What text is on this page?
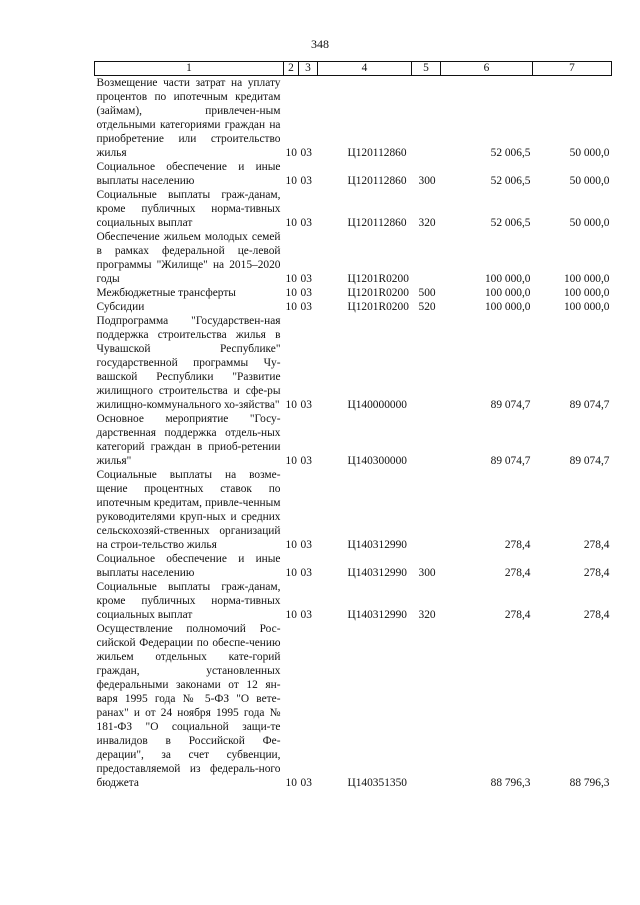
348
1	2	3	4	5	6	7
Возмещение части затрат на уплату процентов по ипотечным кредитам (займам), привлечен-ным отдельными категориями граждан на приобретение или строительство жилья	10	03	Ц120112860		52 006,5	50 000,0
Социальное обеспечение и иные выплаты населению	10	03	Ц120112860	300	52 006,5	50 000,0
Социальные выплаты граж-данам, кроме публичных норма-тивных социальных выплат	10	03	Ц120112860	320	52 006,5	50 000,0
Обеспечение жильем молодых семей в рамках федеральной це-левой программы "Жилище" на 2015–2020 годы	10	03	Ц1201R0200		100 000,0	100 000,0
Межбюджетные трансферты	10	03	Ц1201R0200	500	100 000,0	100 000,0
Субсидии	10	03	Ц1201R0200	520	100 000,0	100 000,0
Подпрограмма "Государствен-ная поддержка строительства жилья в Чувашской Республике" государственной программы Чу-вашской Республики "Развитие жилищного строительства и сфе-ры жилищно-коммунального хо-зяйства"	10	03	Ц140000000		89 074,7	89 074,7
Основное мероприятие "Госу-дарственная поддержка отдель-ных категорий граждан в приоб-ретении жилья"	10	03	Ц140300000		89 074,7	89 074,7
Социальные выплаты на возме-щение процентных ставок по ипотечным кредитам, привле-ченным руководителями круп-ных и средних сельскохозяй-ственных организаций на строи-тельство жилья	10	03	Ц140312990		278,4	278,4
Социальное обеспечение и иные выплаты населению	10	03	Ц140312990	300	278,4	278,4
Социальные выплаты граж-данам, кроме публичных норма-тивных социальных выплат	10	03	Ц140312990	320	278,4	278,4
Осуществление полномочий Рос-сийской Федерации по обеспе-чению жильем отдельных кате-горий граждан, установленных федеральными законами от 12 ян-варя 1995 года № 5-ФЗ "О ветe-ранах" и от 24 ноября 1995 года № 181-ФЗ "О социальной защи-те инвалидов в Российской Фе-дерации", за счет субвенции, предоставляемой из федераль-ного бюджета	10	03	Ц140351350		88 796,3	88 796,3
